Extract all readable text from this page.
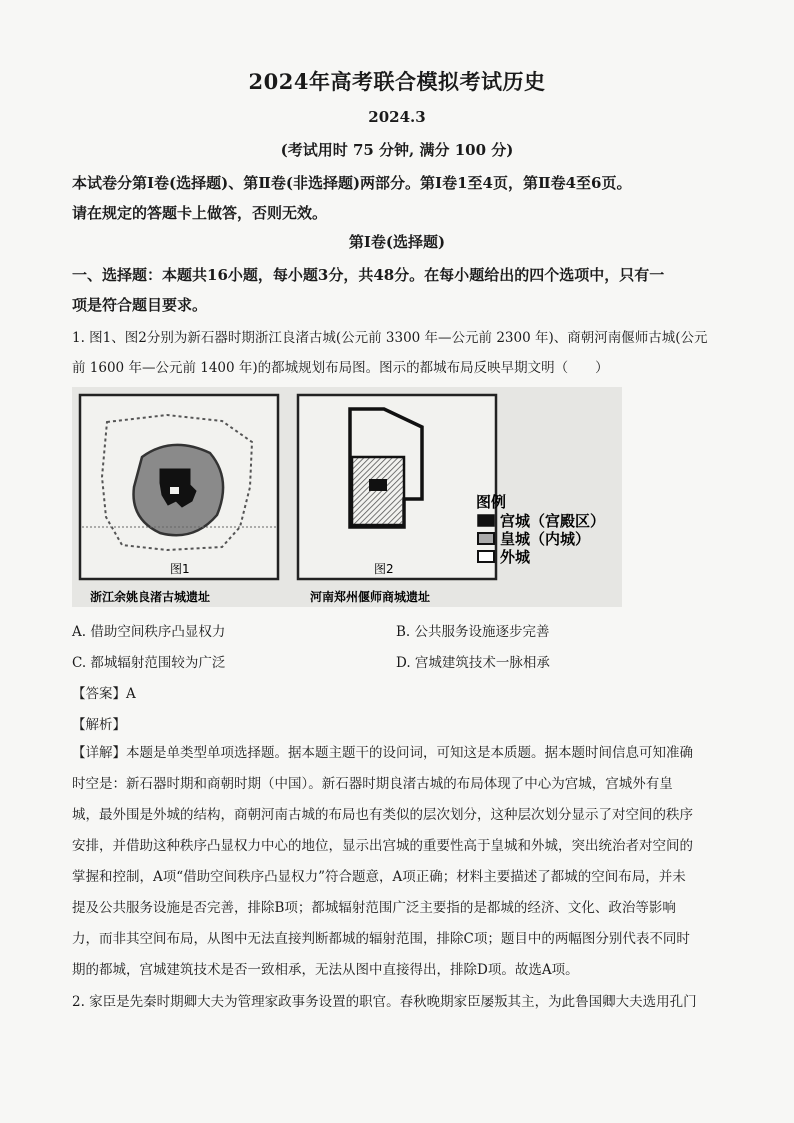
2024年高考联合模拟考试历史
2024.3
(考试用时 75 分钟, 满分 100 分)
本试卷分第Ⅰ卷(选择题)、第Ⅱ卷(非选择题)两部分。第Ⅰ卷1至4页，第Ⅱ卷4至6页。
请在规定的答题卡上做答，否则无效。
第Ⅰ卷(选择题)
一、选择题：本题共16小题，每小题3分，共48分。在每小题给出的四个选项中，只有一
项是符合题目要求。
1. 图1、图2分别为新石器时期浙江良渚古城(公元前 3300 年—公元前 2300 年)、商朝河南偃师古城(公元
前 1600 年—公元前 1400 年)的都城规划布局图。图示的都城布局反映早期文明（　　）
图1	图2
图例
宫城（宫殿区）
皇城（内城）
外城
浙江余姚良渚古城遗址	河南郑州偃师商城遗址
A. 借助空间秩序凸显权力	B. 公共服务设施逐步完善
C. 都城辐射范围较为广泛	D. 宫城建筑技术一脉相承
【答案】A
【解析】
【详解】本题是单类型单项选择题。据本题主题干的设问词，可知这是本质题。据本题时间信息可知准确
时空是：新石器时期和商朝时期（中国）。新石器时期良渚古城的布局体现了中心为宫城，宫城外有皇
城，最外围是外城的结构，商朝河南古城的布局也有类似的层次划分，这种层次划分显示了对空间的秩序
安排，并借助这种秩序凸显权力中心的地位，显示出宫城的重要性高于皇城和外城，突出统治者对空间的
掌握和控制，A项“借助空间秩序凸显权力”符合题意，A项正确；材料主要描述了都城的空间布局，并未
提及公共服务设施是否完善，排除B项；都城辐射范围广泛主要指的是都城的经济、文化、政治等影响
力，而非其空间布局，从图中无法直接判断都城的辐射范围，排除C项；题目中的两幅图分别代表不同时
期的都城，宫城建筑技术是否一致相承，无法从图中直接得出，排除D项。故选A项。
2. 家臣是先秦时期卿大夫为管理家政事务设置的职官。春秋晚期家臣屡叛其主，为此鲁国卿大夫选用孔门
